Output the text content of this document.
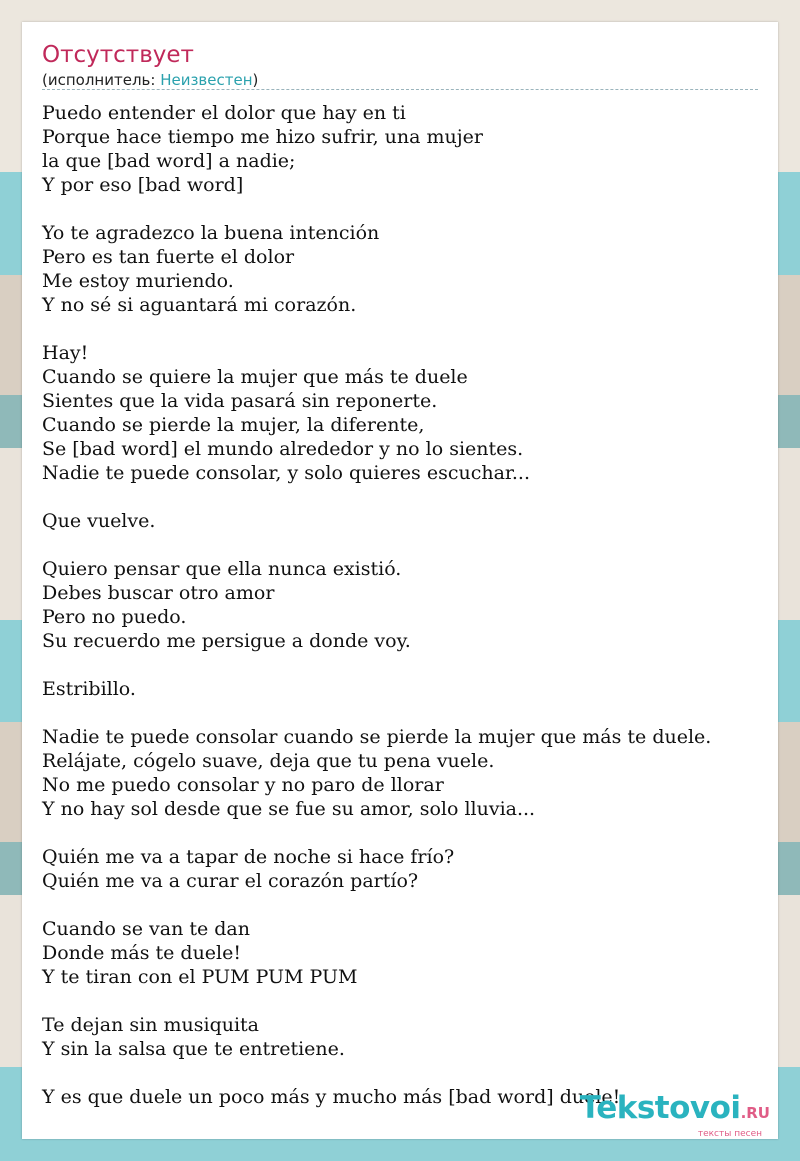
Отсутствует
(исполнитель: Неизвестен)
Puedo entender el dolor que hay en ti
Porque hace tiempo me hizo sufrir, una mujer
la que [bad word] a nadie;
Y por eso [bad word]
Yo te agradezco la buena intención
Pero es tan fuerte el dolor
Me estoy muriendo.
Y no sé si aguantará mi corazón.
Hay!
Cuando se quiere la mujer que más te duele
Sientes que la vida pasará sin reponerte.
Cuando se pierde la mujer, la diferente,
Se [bad word] el mundo alrededor y no lo sientes.
Nadie te puede consolar, y solo quieres escuchar...
Que vuelve.
Quiero pensar que ella nunca existió.
Debes buscar otro amor
Pero no puedo.
Su recuerdo me persigue a donde voy.
Estribillo.
Nadie te puede consolar cuando se pierde la mujer que más te duele.
Relájate, cógelo suave, deja que tu pena vuele.
No me puedo consolar y no paro de llorar
Y no hay sol desde que se fue su amor, solo lluvia...
Quién me va a tapar de noche si hace frío?
Quién me va a curar el corazón partío?
Cuando se van te dan
Donde más te duele!
Y te tiran con el PUM PUM PUM
Te dejan sin musiquita
Y sin la salsa que te entretiene.
Y es que duele un poco más y mucho más [bad word] duele!
Tekstovoi.RU
тексты песен
